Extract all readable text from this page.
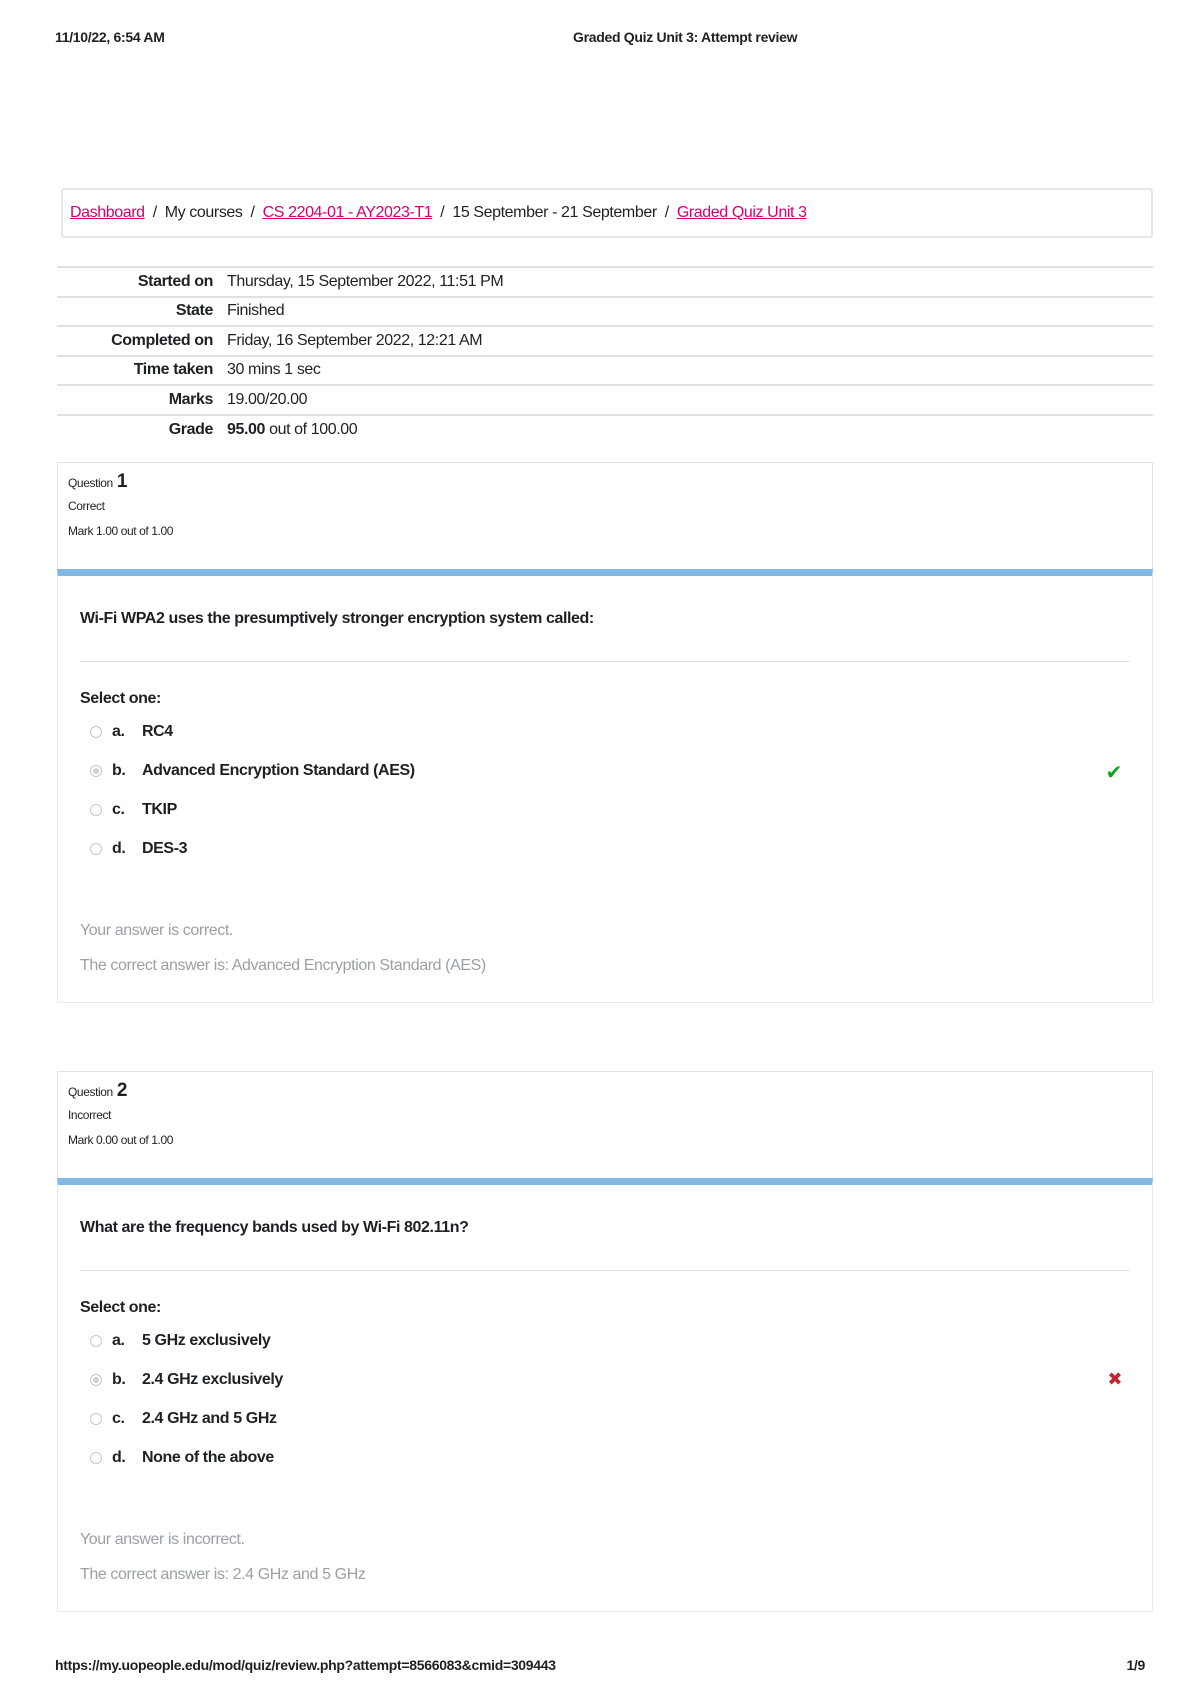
11/10/22, 6:54 AM	Graded Quiz Unit 3: Attempt review
Dashboard / My courses / CS 2204-01 - AY2023-T1 / 15 September - 21 September / Graded Quiz Unit 3
Started on Thursday, 15 September 2022, 11:51 PM
State Finished
Completed on Friday, 16 September 2022, 12:21 AM
Time taken 30 mins 1 sec
Marks 19.00/20.00
Grade 95.00 out of 100.00
Question 1
Correct
Mark 1.00 out of 1.00
Wi-Fi WPA2 uses the presumptively stronger encryption system called:
Select one:
a.	RC4
b.	Advanced Encryption Standard (AES)	✔
c.	TKIP
d.	DES-3
Your answer is correct.
The correct answer is: Advanced Encryption Standard (AES)
Question 2
Incorrect
Mark 0.00 out of 1.00
What are the frequency bands used by Wi-Fi 802.11n?
Select one:
a.	5 GHz exclusively
b.	2.4 GHz exclusively	✖
c.	2.4 GHz and 5 GHz
d.	None of the above
Your answer is incorrect.
The correct answer is: 2.4 GHz and 5 GHz
https://my.uopeople.edu/mod/quiz/review.php?attempt=8566083&cmid=309443	1/9
